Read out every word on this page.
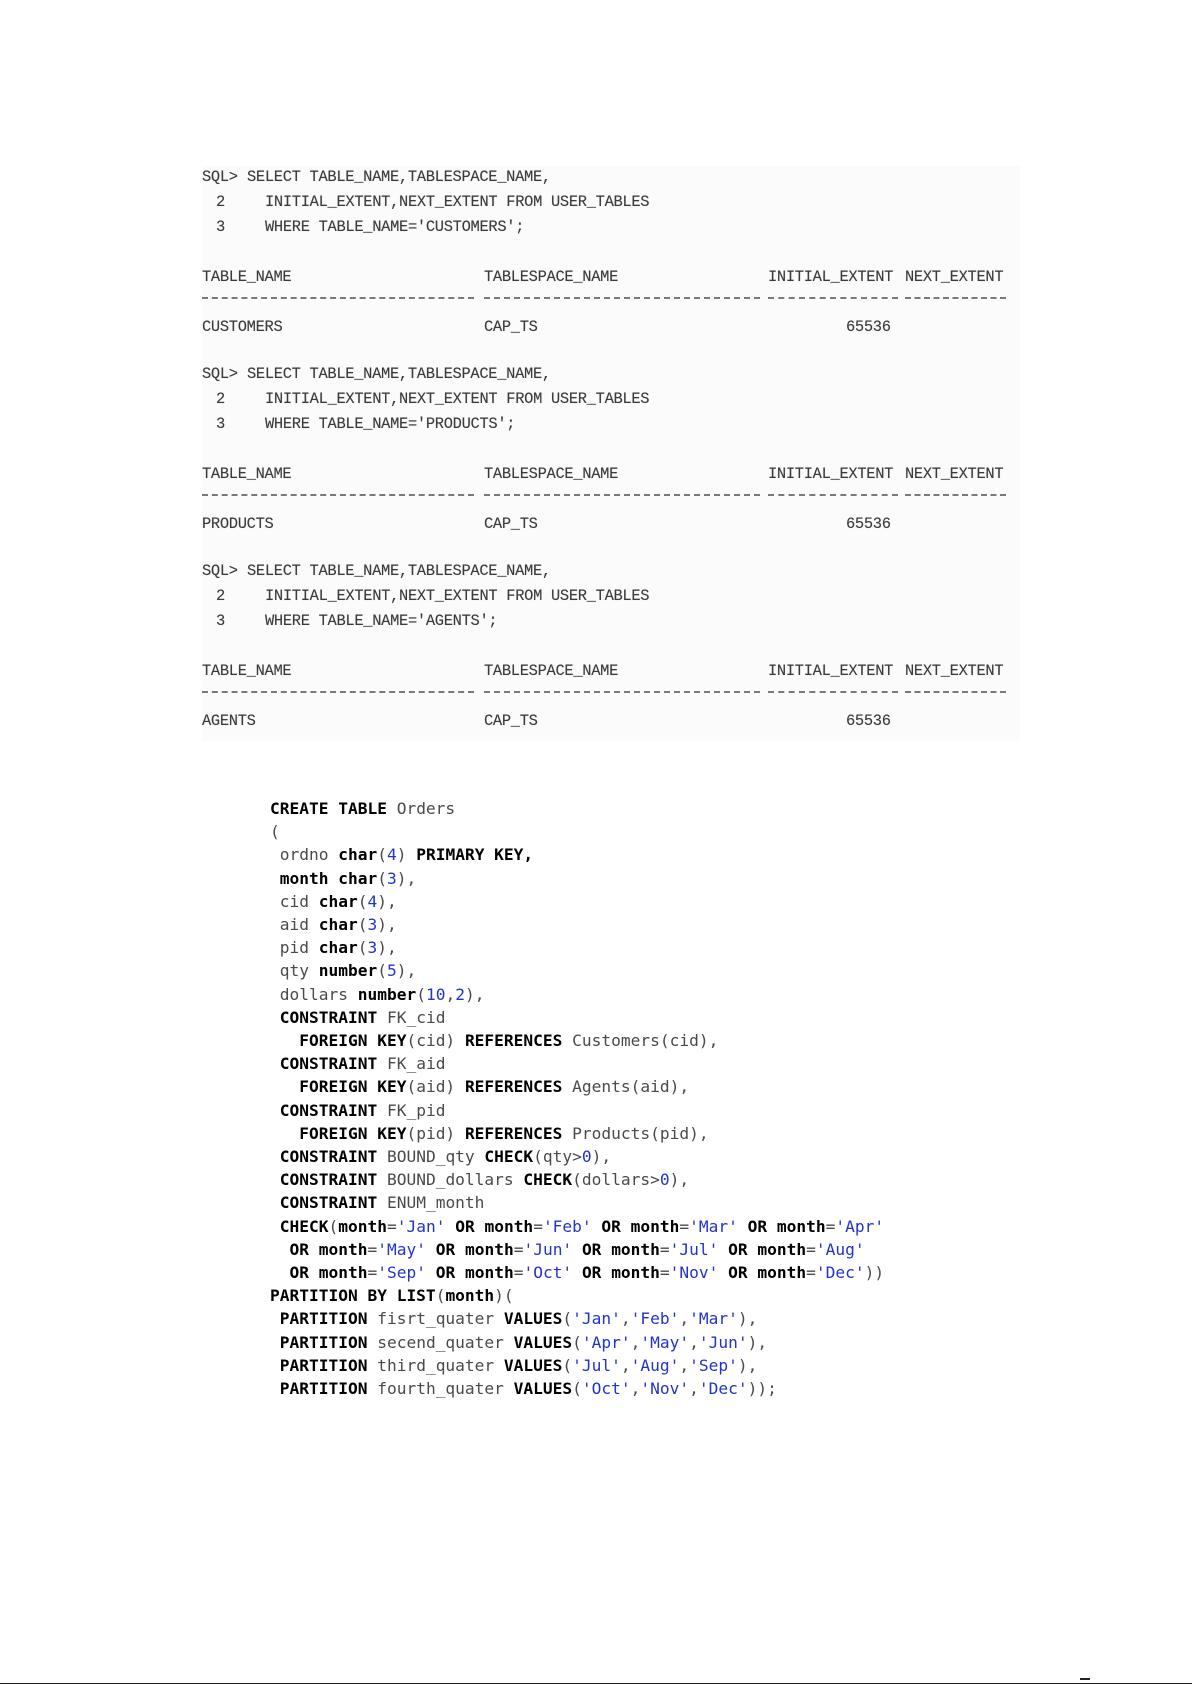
SQL> SELECT TABLE_NAME,TABLESPACE_NAME,
2	INITIAL_EXTENT,NEXT_EXTENT FROM USER_TABLES
3	WHERE TABLE_NAME='CUSTOMERS';
TABLE_NAME	TABLESPACE_NAME	INITIAL_EXTENT NEXT_EXTENT
CUSTOMERS	CAP_TS	65536
SQL> SELECT TABLE_NAME,TABLESPACE_NAME,
2	INITIAL_EXTENT,NEXT_EXTENT FROM USER_TABLES
3	WHERE TABLE_NAME='PRODUCTS';
TABLE_NAME	TABLESPACE_NAME	INITIAL_EXTENT NEXT_EXTENT
PRODUCTS	CAP_TS	65536
SQL> SELECT TABLE_NAME,TABLESPACE_NAME,
2	INITIAL_EXTENT,NEXT_EXTENT FROM USER_TABLES
3	WHERE TABLE_NAME='AGENTS';
TABLE_NAME	TABLESPACE_NAME	INITIAL_EXTENT NEXT_EXTENT
AGENTS	CAP_TS	65536
CREATE TABLE Orders
(
ordno char(4) PRIMARY KEY,
month char(3),
cid char(4),
aid char(3),
pid char(3),
qty number(5),
dollars number(10,2),
CONSTRAINT FK_cid
FOREIGN KEY(cid) REFERENCES Customers(cid),
CONSTRAINT FK_aid
FOREIGN KEY(aid) REFERENCES Agents(aid),
CONSTRAINT FK_pid
FOREIGN KEY(pid) REFERENCES Products(pid),
CONSTRAINT BOUND_qty CHECK(qty>0),
CONSTRAINT BOUND_dollars CHECK(dollars>0),
CONSTRAINT ENUM_month
CHECK(month='Jan' OR month='Feb' OR month='Mar' OR month='Apr'
OR month='May' OR month='Jun' OR month='Jul' OR month='Aug'
OR month='Sep' OR month='Oct' OR month='Nov' OR month='Dec'))
PARTITION BY LIST(month)(
PARTITION fisrt_quater VALUES('Jan','Feb','Mar'),
PARTITION secend_quater VALUES('Apr','May','Jun'),
PARTITION third_quater VALUES('Jul','Aug','Sep'),
PARTITION fourth_quater VALUES('Oct','Nov','Dec'));
